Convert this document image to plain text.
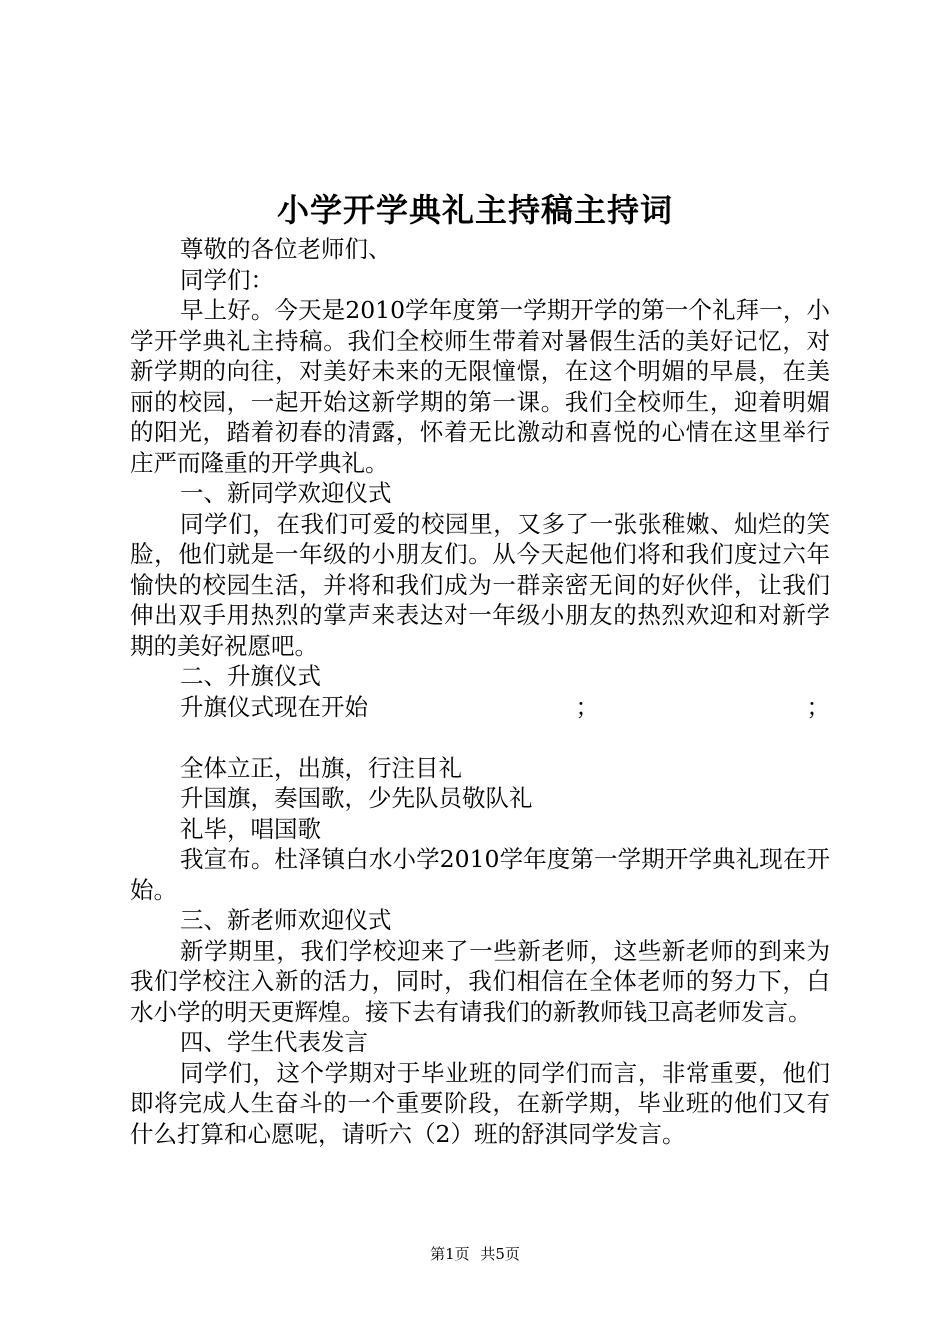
小学开学典礼主持稿主持词

尊敬的各位老师们、

同学们：

早上好。今天是2010学年度第一学期开学的第一个礼拜一，小学开学典礼主持稿。我们全校师生带着对暑假生活的美好记忆，对新学期的向往，对美好未来的无限憧憬，在这个明媚的早晨，在美丽的校园，一起开始这新学期的第一课。我们全校师生，迎着明媚的阳光，踏着初春的清露，怀着无比激动和喜悦的心情在这里举行庄严而隆重的开学典礼。

一、新同学欢迎仪式

同学们，在我们可爱的校园里，又多了一张张稚嫩、灿烂的笑脸，他们就是一年级的小朋友们。从今天起他们将和我们度过六年愉快的校园生活，并将和我们成为一群亲密无间的好伙伴，让我们伸出双手用热烈的掌声来表达对一年级小朋友的热烈欢迎和对新学期的美好祝愿吧。

二、升旗仪式

升旗仪式现在开始	；	；

全体立正，出旗，行注目礼

升国旗，奏国歌，少先队员敬队礼

礼毕，唱国歌

我宣布。杜泽镇白水小学2010学年度第一学期开学典礼现在开始。

三、新老师欢迎仪式

新学期里，我们学校迎来了一些新老师，这些新老师的到来为我们学校注入新的活力，同时，我们相信在全体老师的努力下，白水小学的明天更辉煌。接下去有请我们的新教师钱卫高老师发言。

四、学生代表发言

同学们，这个学期对于毕业班的同学们而言，非常重要，他们即将完成人生奋斗的一个重要阶段，在新学期，毕业班的他们又有什么打算和心愿呢，请听六（2）班的舒淇同学发言。

第1页 共5页
